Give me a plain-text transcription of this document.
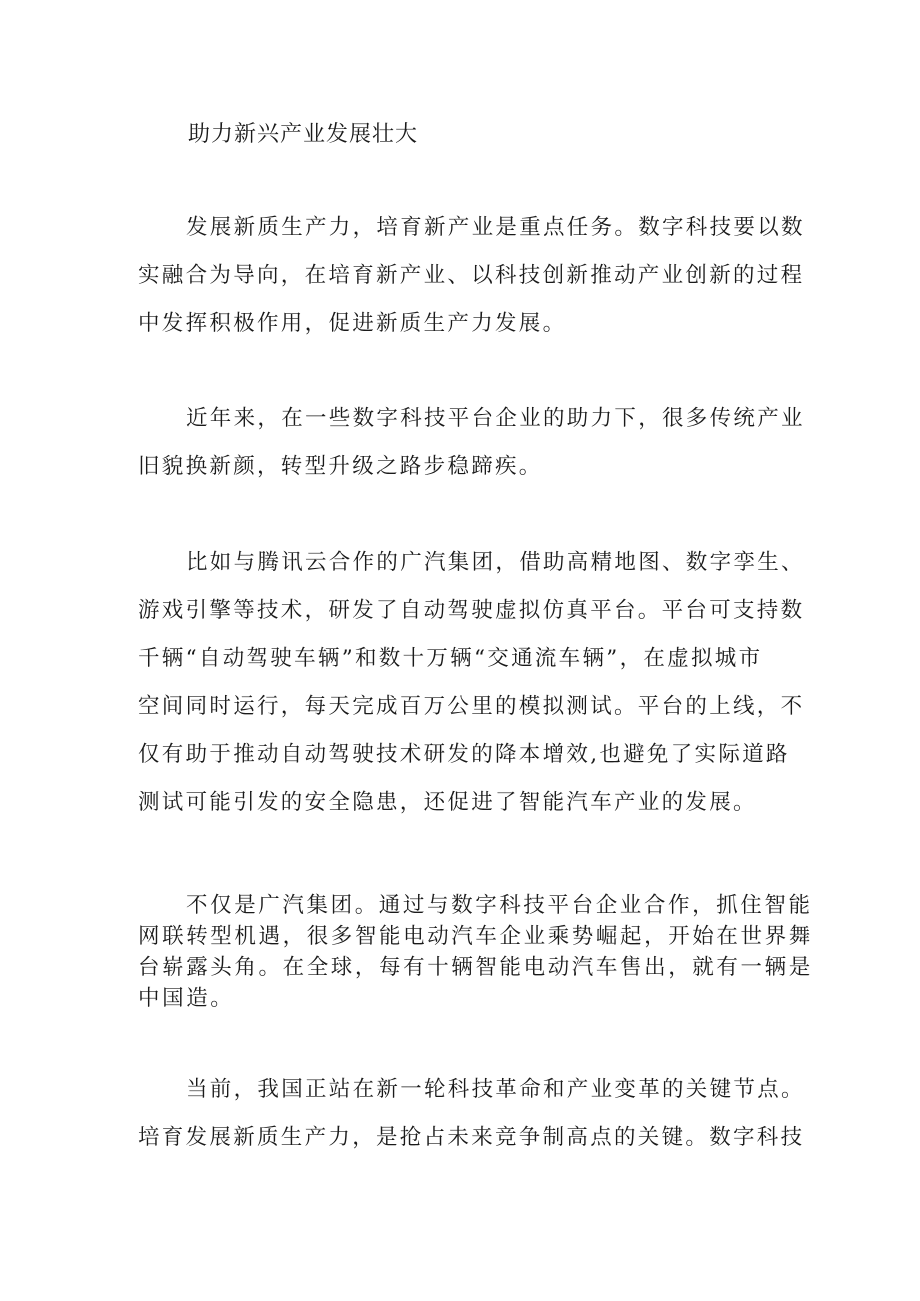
助力新兴产业发展壮大
发展新质生产力，培育新产业是重点任务。数字科技要以数
实融合为导向，在培育新产业、以科技创新推动产业创新的过程
中发挥积极作用，促进新质生产力发展。
近年来，在一些数字科技平台企业的助力下，很多传统产业
旧貌换新颜，转型升级之路步稳蹄疾。
比如与腾讯云合作的广汽集团，借助高精地图、数字孪生、
游戏引擎等技术，研发了自动驾驶虚拟仿真平台。平台可支持数
千辆“自动驾驶车辆”和数十万辆“交通流车辆”，在虚拟城市
空间同时运行，每天完成百万公里的模拟测试。平台的上线，不
仅有助于推动自动驾驶技术研发的降本增效,也避免了实际道路
测试可能引发的安全隐患，还促进了智能汽车产业的发展。
不仅是广汽集团。通过与数字科技平台企业合作，抓住智能
网联转型机遇，很多智能电动汽车企业乘势崛起，开始在世界舞
台崭露头角。在全球，每有十辆智能电动汽车售出，就有一辆是
中国造。
当前，我国正站在新一轮科技革命和产业变革的关键节点。
培育发展新质生产力，是抢占未来竞争制高点的关键。数字科技
